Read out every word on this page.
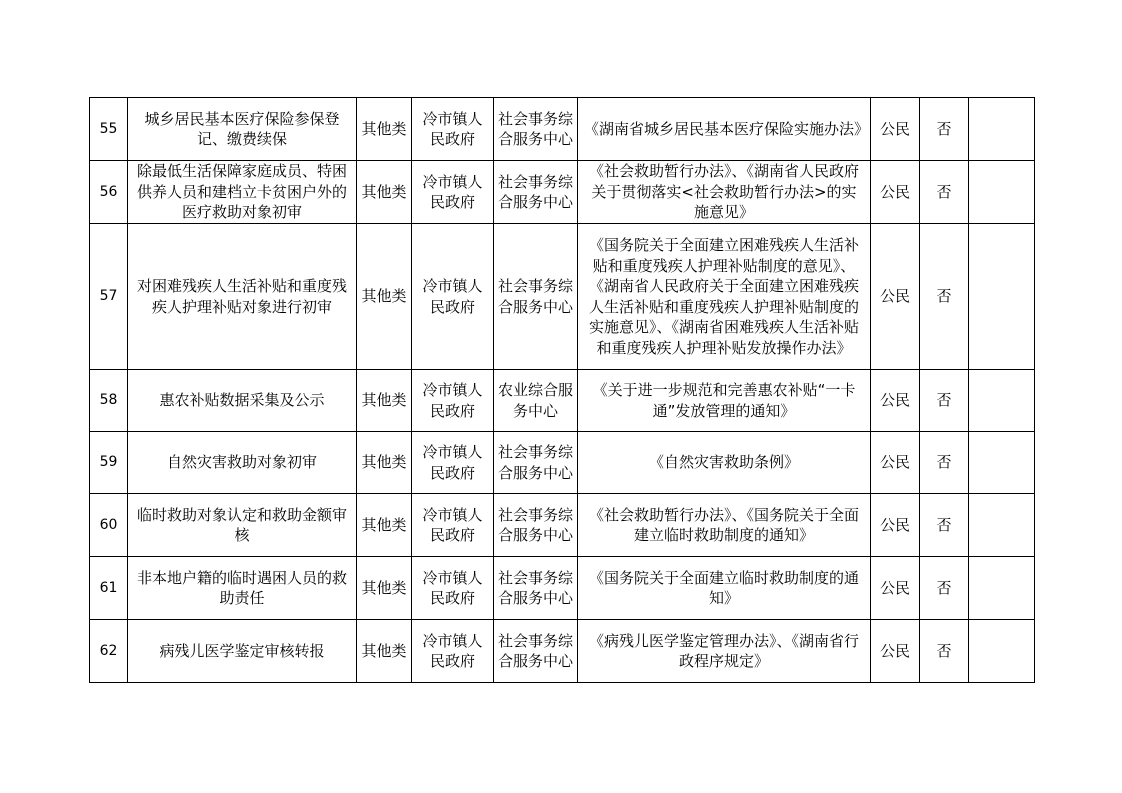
55	城乡居民基本医疗保险参保登记、缴费续保	其他类	冷市镇人民政府	社会事务综合服务中心	《湖南省城乡居民基本医疗保险实施办法》	公民	否	
56	除最低生活保障家庭成员、特困供养人员和建档立卡贫困户外的医疗救助对象初审	其他类	冷市镇人民政府	社会事务综合服务中心	《社会救助暂行办法》、《湖南省人民政府关于贯彻落实<社会救助暂行办法>的实施意见》	公民	否	
57	对困难残疾人生活补贴和重度残疾人护理补贴对象进行初审	其他类	冷市镇人民政府	社会事务综合服务中心	《国务院关于全面建立困难残疾人生活补贴和重度残疾人护理补贴制度的意见》、《湖南省人民政府关于全面建立困难残疾人生活补贴和重度残疾人护理补贴制度的实施意见》、《湖南省困难残疾人生活补贴和重度残疾人护理补贴发放操作办法》	公民	否	
58	惠农补贴数据采集及公示	其他类	冷市镇人民政府	农业综合服务中心	《关于进一步规范和完善惠农补贴“一卡通”发放管理的通知》	公民	否	
59	自然灾害救助对象初审	其他类	冷市镇人民政府	社会事务综合服务中心	《自然灾害救助条例》	公民	否	
60	临时救助对象认定和救助金额审核	其他类	冷市镇人民政府	社会事务综合服务中心	《社会救助暂行办法》、《国务院关于全面建立临时救助制度的通知》	公民	否	
61	非本地户籍的临时遇困人员的救助责任	其他类	冷市镇人民政府	社会事务综合服务中心	《国务院关于全面建立临时救助制度的通知》	公民	否	
62	病残儿医学鉴定审核转报	其他类	冷市镇人民政府	社会事务综合服务中心	《病残儿医学鉴定管理办法》、《湖南省行政程序规定》	公民	否	
